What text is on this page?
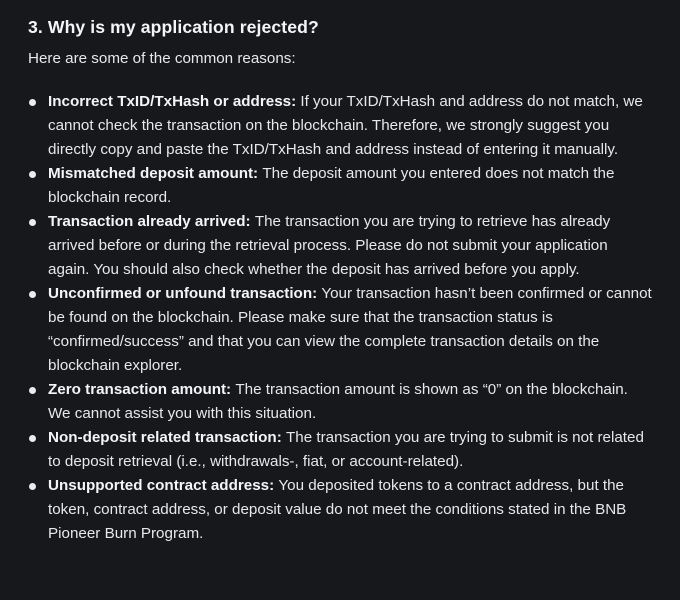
3. Why is my application rejected?

Here are some of the common reasons:

Incorrect TxID/TxHash or address: If your TxID/TxHash and address do not match, we cannot check the transaction on the blockchain. Therefore, we strongly suggest you directly copy and paste the TxID/TxHash and address instead of entering it manually.
Mismatched deposit amount: The deposit amount you entered does not match the blockchain record.
Transaction already arrived: The transaction you are trying to retrieve has already arrived before or during the retrieval process. Please do not submit your application again. You should also check whether the deposit has arrived before you apply.
Unconfirmed or unfound transaction: Your transaction hasn’t been confirmed or cannot be found on the blockchain. Please make sure that the transaction status is “confirmed/success” and that you can view the complete transaction details on the blockchain explorer.
Zero transaction amount: The transaction amount is shown as “0” on the blockchain. We cannot assist you with this situation.
Non-deposit related transaction: The transaction you are trying to submit is not related to deposit retrieval (i.e., withdrawals-, fiat, or account-related).
Unsupported contract address: You deposited tokens to a contract address, but the token, contract address, or deposit value do not meet the conditions stated in the BNB Pioneer Burn Program.
